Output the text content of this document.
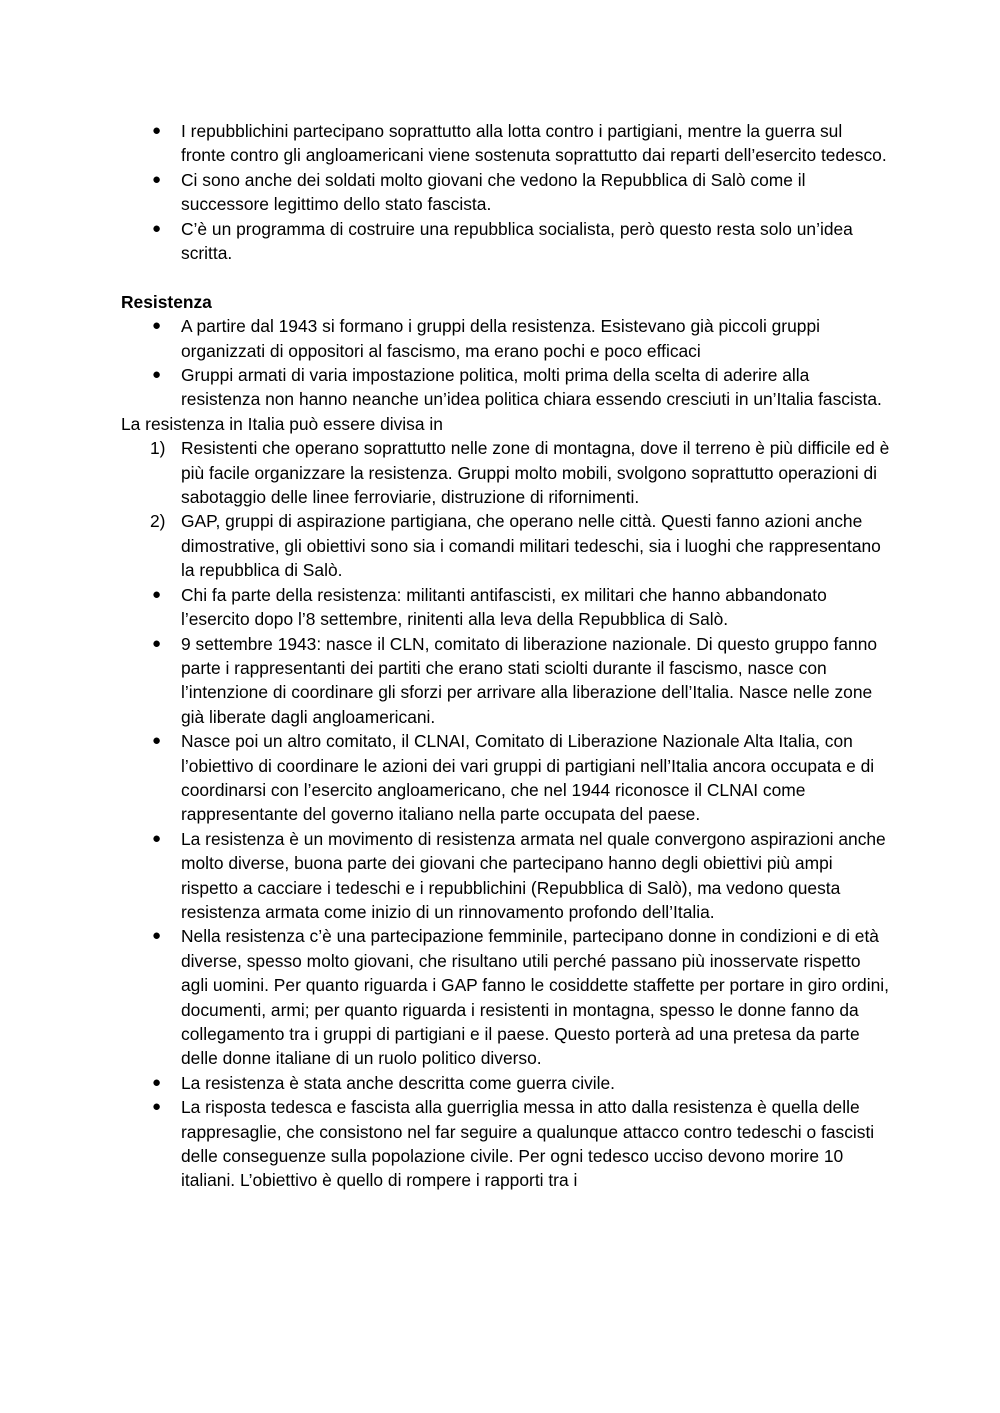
● I repubblichini partecipano soprattutto alla lotta contro i partigiani, mentre la guerra sul fronte contro gli angloamericani viene sostenuta soprattutto dai reparti dell’esercito tedesco.
● Ci sono anche dei soldati molto giovani che vedono la Repubblica di Salò come il successore legittimo dello stato fascista.
● C’è un programma di costruire una repubblica socialista, però questo resta solo un’idea scritta.

Resistenza

● A partire dal 1943 si formano i gruppi della resistenza. Esistevano già piccoli gruppi organizzati di oppositori al fascismo, ma erano pochi e poco efficaci
● Gruppi armati di varia impostazione politica, molti prima della scelta di aderire alla resistenza non hanno neanche un’idea politica chiara essendo cresciuti in un’Italia fascista.

La resistenza in Italia può essere divisa in

1) Resistenti che operano soprattutto nelle zone di montagna, dove il terreno è più difficile ed è più facile organizzare la resistenza. Gruppi molto mobili, svolgono soprattutto operazioni di sabotaggio delle linee ferroviarie, distruzione di rifornimenti.
2) GAP, gruppi di aspirazione partigiana, che operano nelle città. Questi fanno azioni anche dimostrative, gli obiettivi sono sia i comandi militari tedeschi, sia i luoghi che rappresentano la repubblica di Salò.
● Chi fa parte della resistenza: militanti antifascisti, ex militari che hanno abbandonato l’esercito dopo l’8 settembre, rinitenti alla leva della Repubblica di Salò.
● 9 settembre 1943: nasce il CLN, comitato di liberazione nazionale. Di questo gruppo fanno parte i rappresentanti dei partiti che erano stati sciolti durante il fascismo, nasce con l’intenzione di coordinare gli sforzi per arrivare alla liberazione dell’Italia. Nasce nelle zone già liberate dagli angloamericani.
● Nasce poi un altro comitato, il CLNAI, Comitato di Liberazione Nazionale Alta Italia, con l’obiettivo di coordinare le azioni dei vari gruppi di partigiani nell’Italia ancora occupata e di coordinarsi con l’esercito angloamericano, che nel 1944 riconosce il CLNAI come rappresentante del governo italiano nella parte occupata del paese.
● La resistenza è un movimento di resistenza armata nel quale convergono aspirazioni anche molto diverse, buona parte dei giovani che partecipano hanno degli obiettivi più ampi rispetto a cacciare i tedeschi e i repubblichini (Repubblica di Salò), ma vedono questa resistenza armata come inizio di un rinnovamento profondo dell’Italia.
● Nella resistenza c’è una partecipazione femminile, partecipano donne in condizioni e di età diverse, spesso molto giovani, che risultano utili perché passano più inosservate rispetto agli uomini. Per quanto riguarda i GAP fanno le cosiddette staffette per portare in giro ordini, documenti, armi; per quanto riguarda i resistenti in montagna, spesso le donne fanno da collegamento tra i gruppi di partigiani e il paese. Questo porterà ad una pretesa da parte delle donne italiane di un ruolo politico diverso.
● La resistenza è stata anche descritta come guerra civile.
● La risposta tedesca e fascista alla guerriglia messa in atto dalla resistenza è quella delle rappresaglie, che consistono nel far seguire a qualunque attacco contro tedeschi o fascisti delle conseguenze sulla popolazione civile. Per ogni tedesco ucciso devono morire 10 italiani. L’obiettivo è quello di rompere i rapporti tra i
